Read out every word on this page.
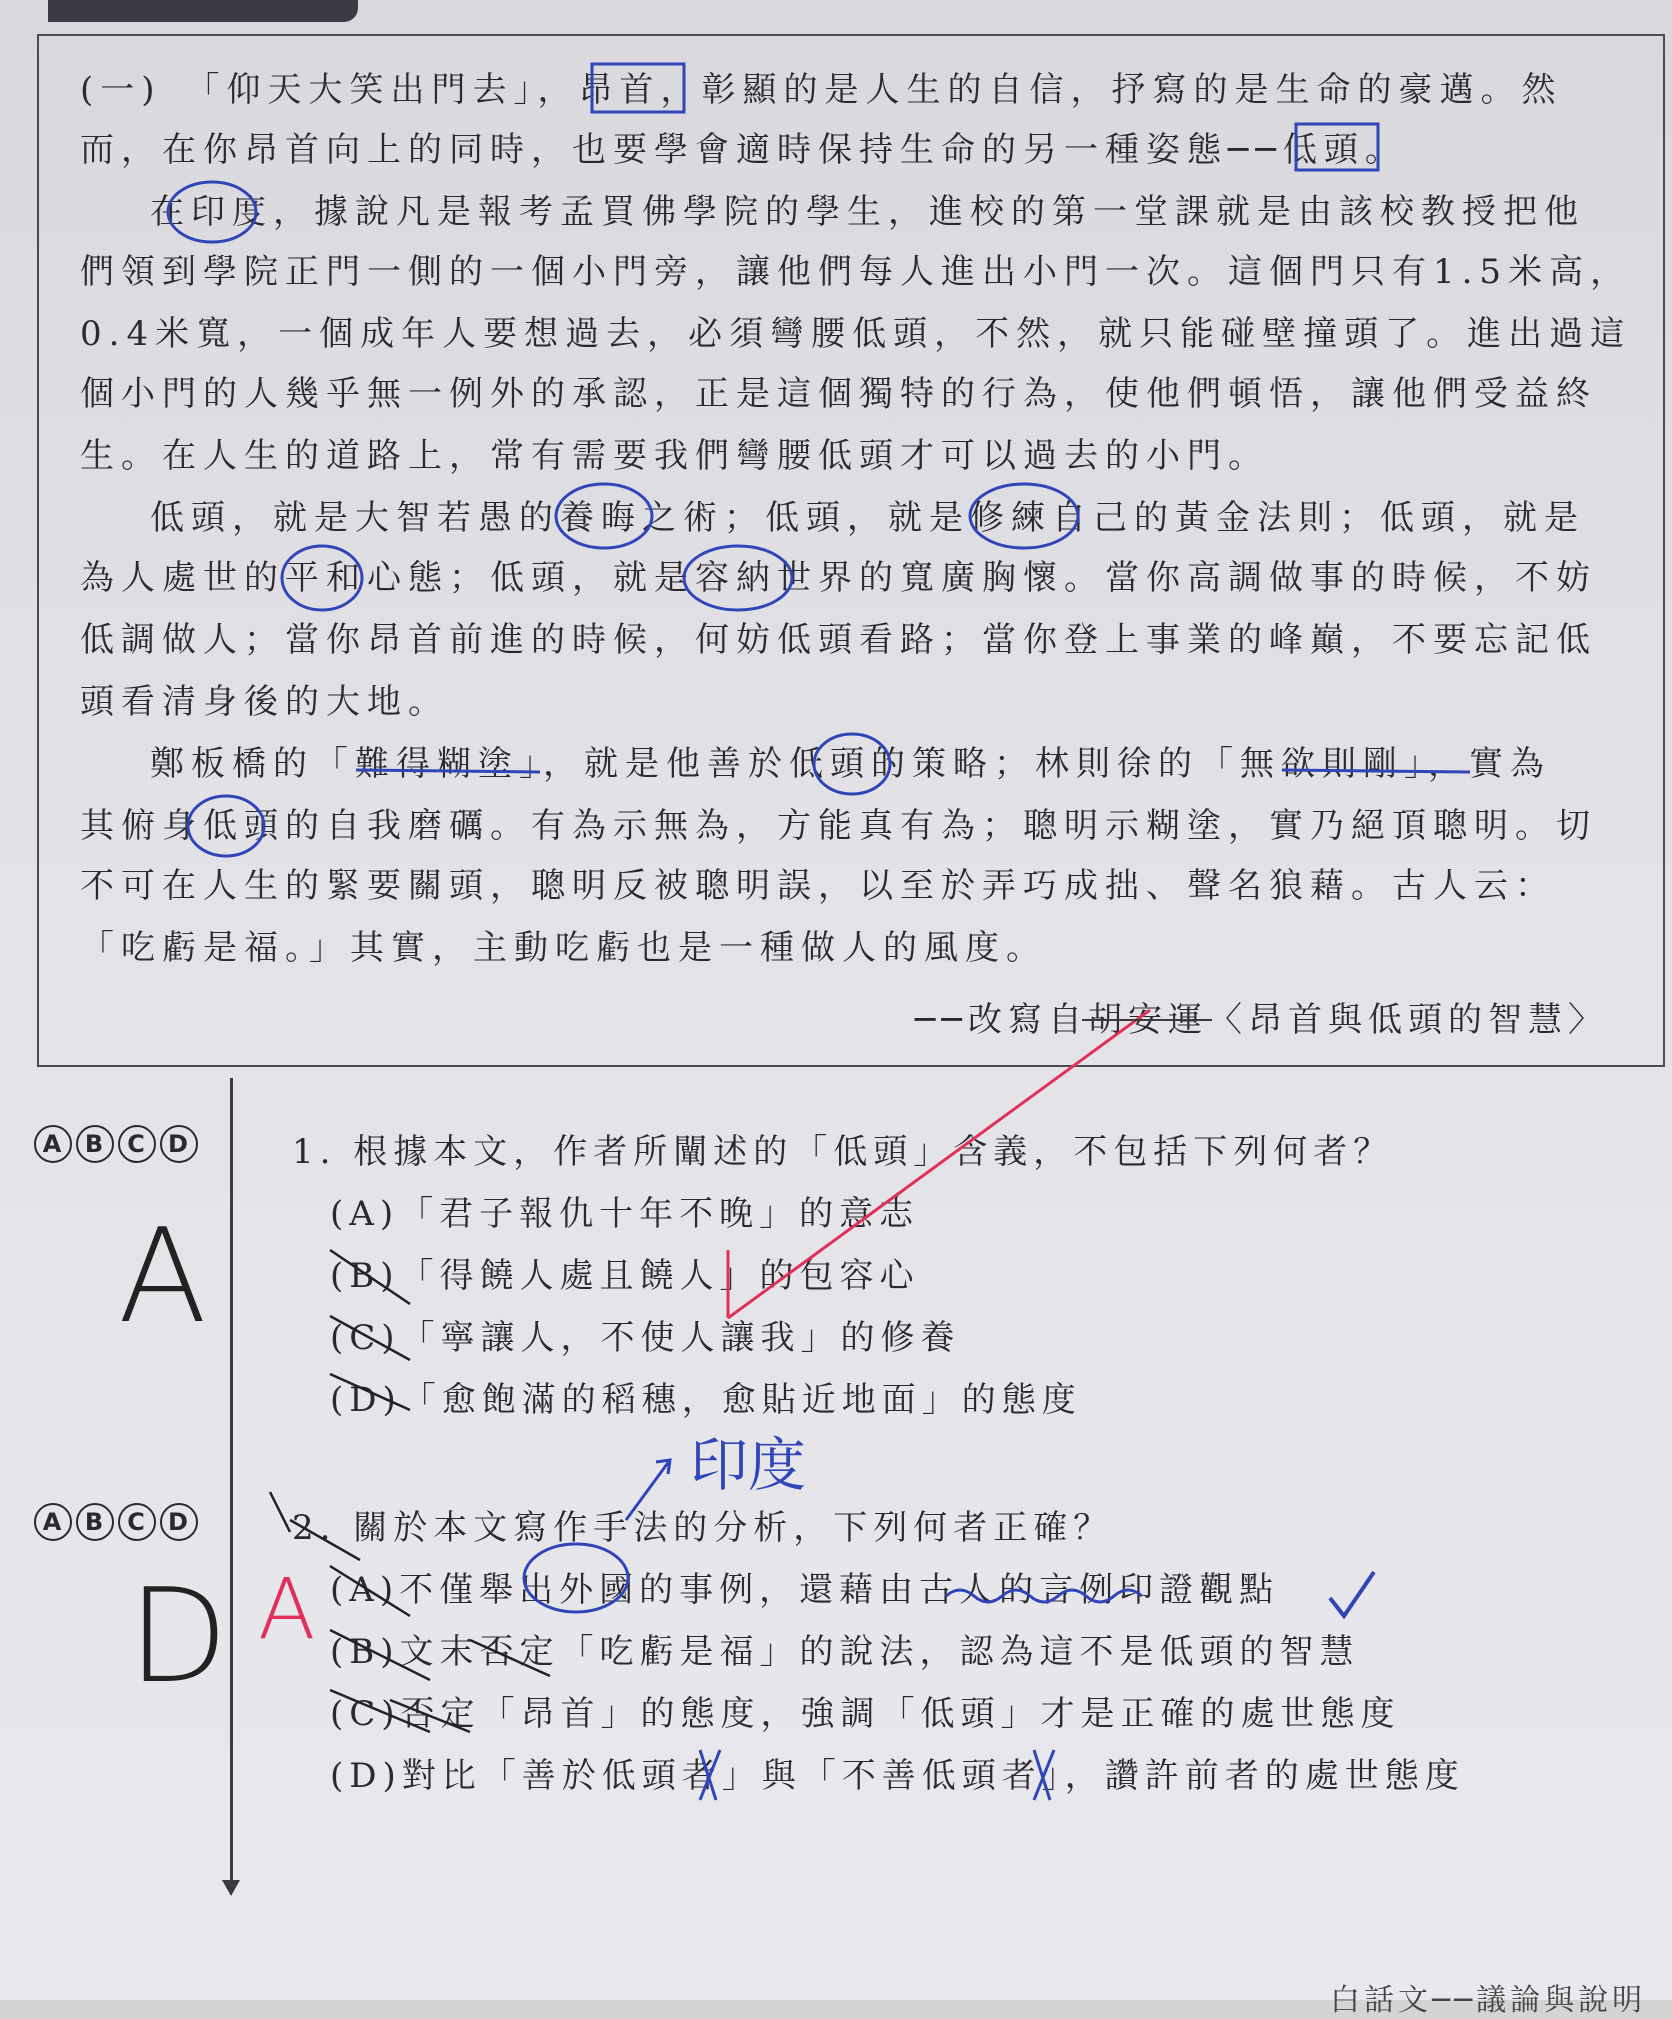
(一)　「仰天大笑出門去」，昂首，彰顯的是人生的自信，抒寫的是生命的豪邁。然
而，在你昂首向上的同時，也要學會適時保持生命的另一種姿態──低頭。
在印度，據說凡是報考孟買佛學院的學生，進校的第一堂課就是由該校教授把他
們領到學院正門一側的一個小門旁，讓他們每人進出小門一次。這個門只有1.5米高，
0.4米寬，一個成年人要想過去，必須彎腰低頭，不然，就只能碰壁撞頭了。進出過這
個小門的人幾乎無一例外的承認，正是這個獨特的行為，使他們頓悟，讓他們受益終
生。在人生的道路上，常有需要我們彎腰低頭才可以過去的小門。
低頭，就是大智若愚的養晦之術；低頭，就是修練自己的黃金法則；低頭，就是
為人處世的平和心態；低頭，就是容納世界的寬廣胸懷。當你高調做事的時候，不妨
低調做人；當你昂首前進的時候，何妨低頭看路；當你登上事業的峰巔，不要忘記低
頭看清身後的大地。
鄭板橋的「難得糊塗」，就是他善於低頭的策略；林則徐的「無欲則剛」，實為
其俯身低頭的自我磨礪。有為示無為，方能真有為；聰明示糊塗，實乃絕頂聰明。切
不可在人生的緊要關頭，聰明反被聰明誤，以至於弄巧成拙、聲名狼藉。古人云：
「吃虧是福。」其實，主動吃虧也是一種做人的風度。
──改寫自胡安運〈昂首與低頭的智慧〉
A B C D
A
1. 根據本文，作者所闡述的「低頭」含義，不包括下列何者？
(A)「君子報仇十年不晚」的意志
(B)「得饒人處且饒人」的包容心
(C)「寧讓人，不使人讓我」的修養
(D)「愈飽滿的稻穗，愈貼近地面」的態度
A B C D
D A
印度
2. 關於本文寫作手法的分析，下列何者正確？
(A)不僅舉出外國的事例，還藉由古人的言例印證觀點
(B)文末否定「吃虧是福」的說法，認為這不是低頭的智慧
(C)否定「昂首」的態度，強調「低頭」才是正確的處世態度
(D)對比「善於低頭者」與「不善低頭者」，讚許前者的處世態度
白話文──議論與說明
